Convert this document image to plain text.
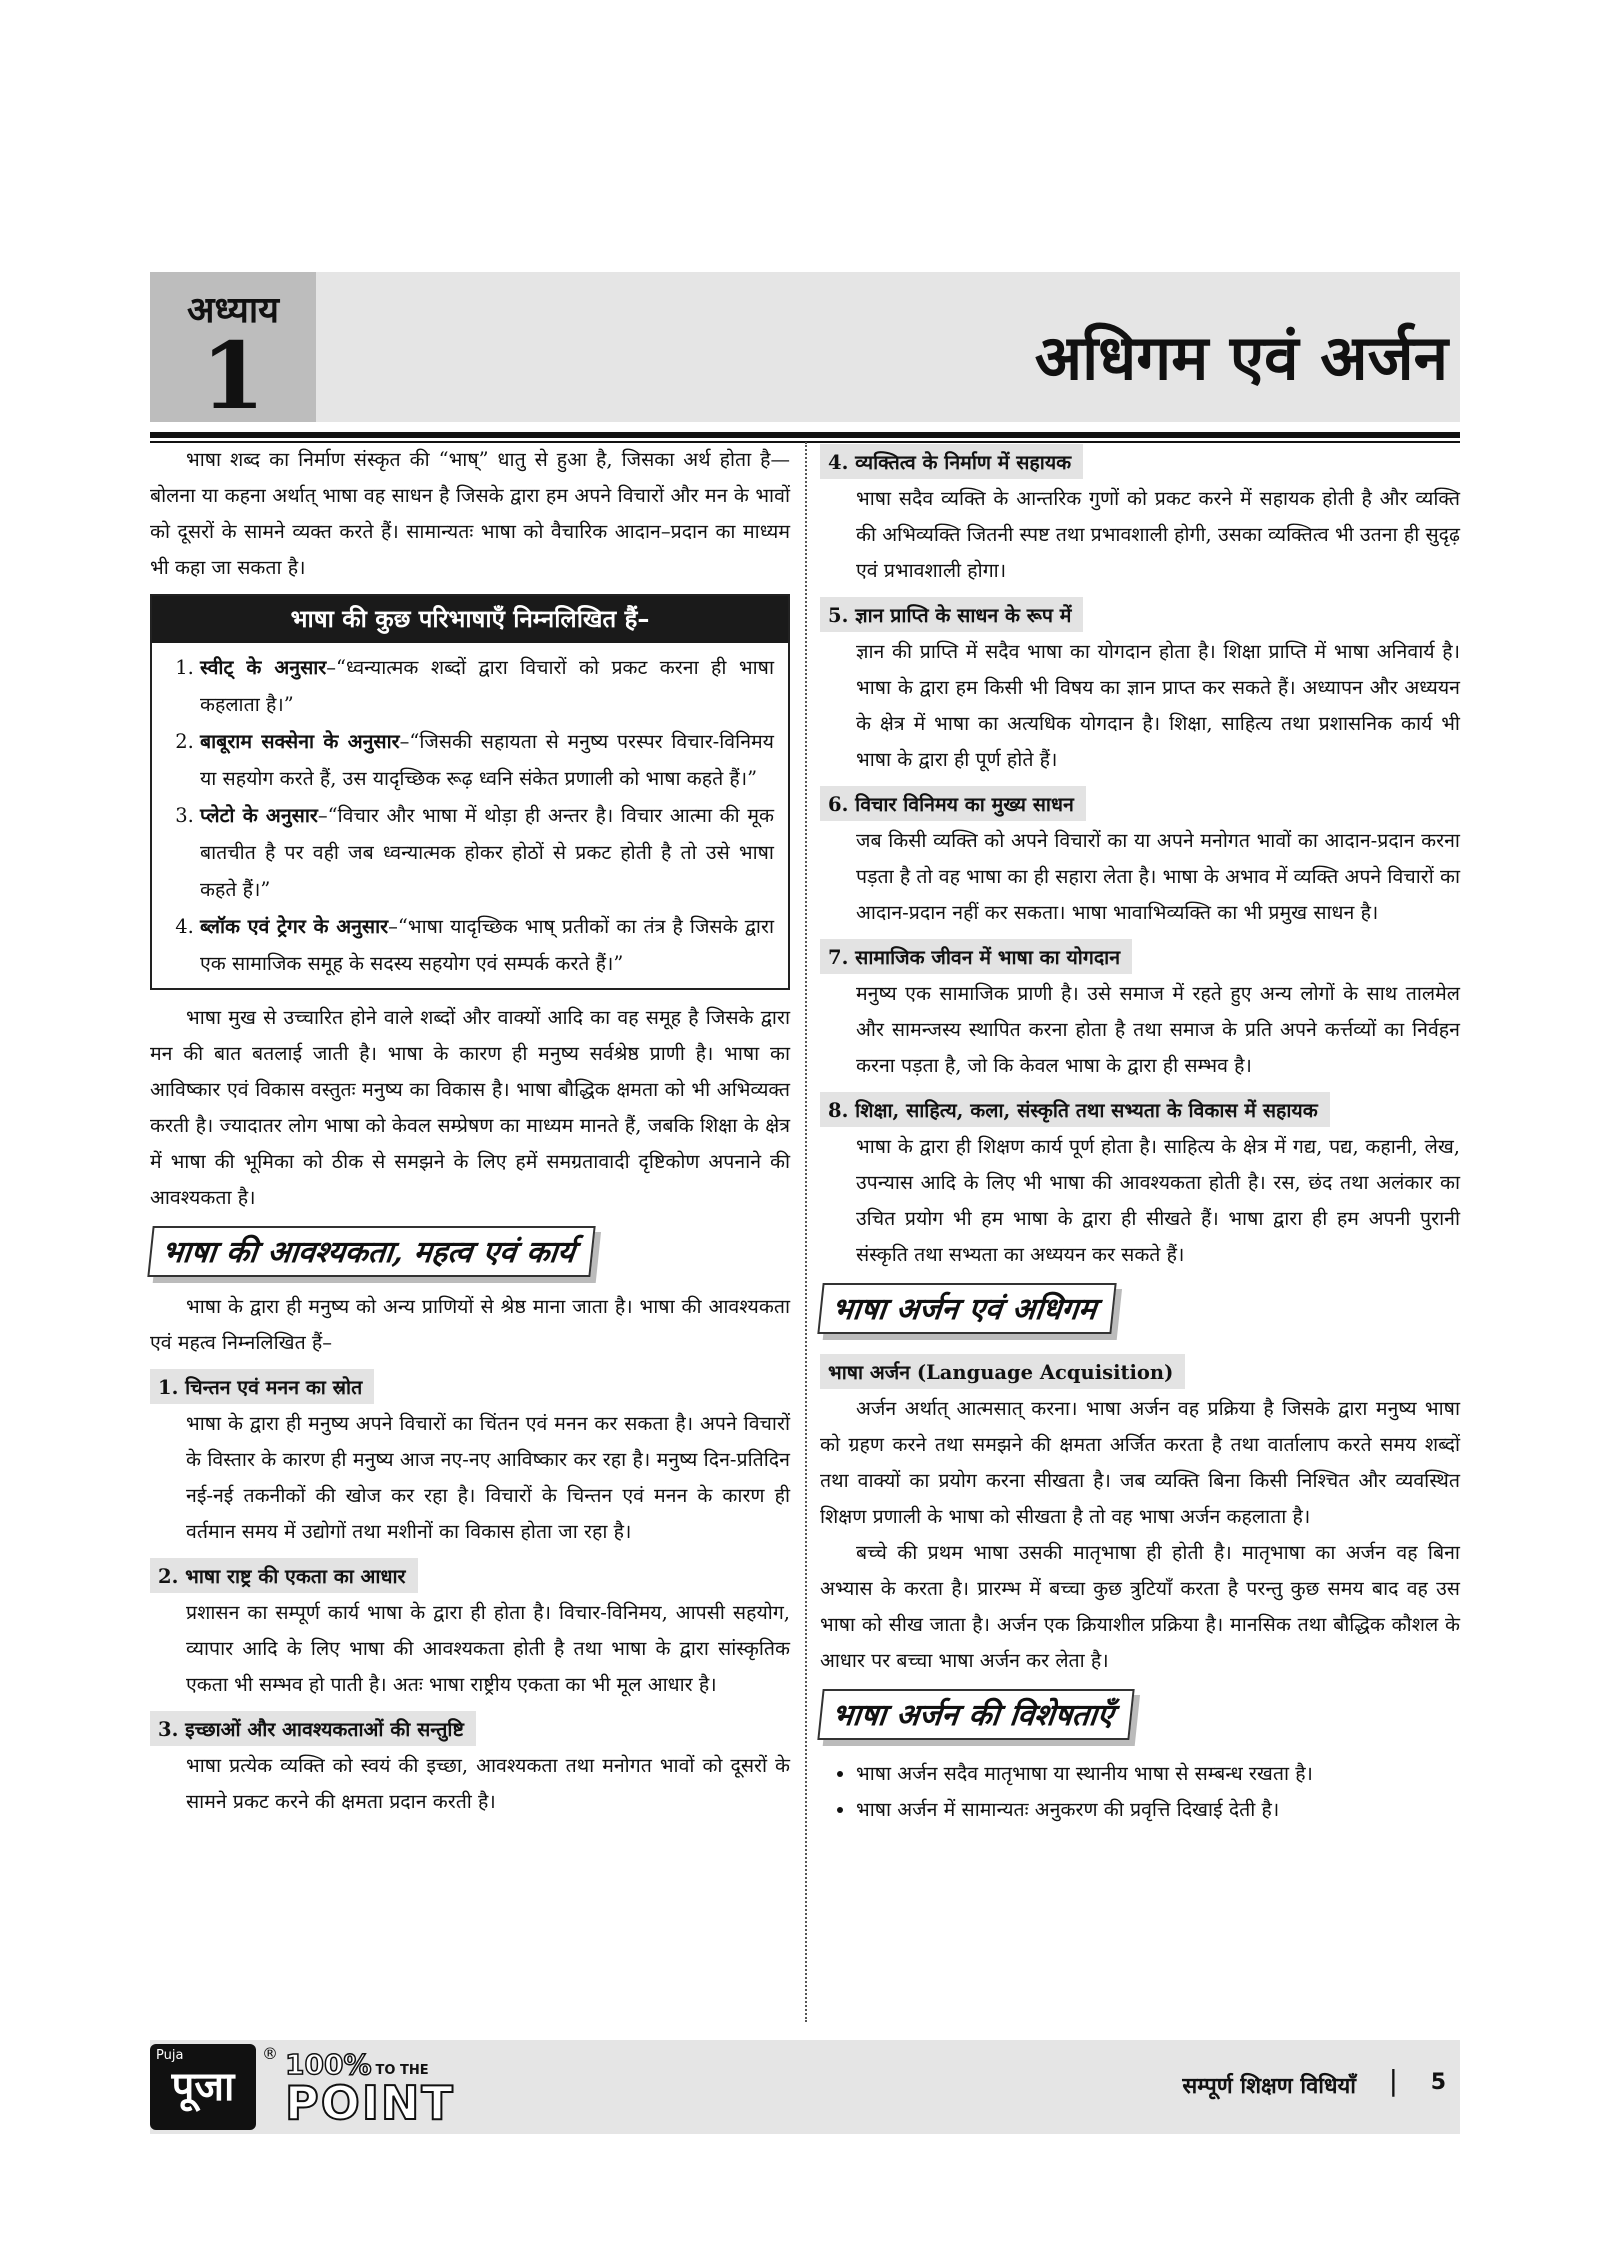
अध्याय
1	अधिगम एवं अर्जन

भाषा शब्द का निर्माण संस्कृत की “भाष्” धातु से हुआ है, जिसका अर्थ होता है—बोलना या कहना अर्थात् भाषा वह साधन है जिसके द्वारा हम अपने विचारों और मन के भावों को दूसरों के सामने व्यक्त करते हैं। सामान्यतः भाषा को वैचारिक आदान–प्रदान का माध्यम भी कहा जा सकता है।

भाषा की कुछ परिभाषाएँ निम्नलिखित हैं–
1. स्वीट् के अनुसार–“ध्वन्यात्मक शब्दों द्वारा विचारों को प्रकट करना ही भाषा कहलाता है।”
2. बाबूराम सक्सेना के अनुसार–“जिसकी सहायता से मनुष्य परस्पर विचार-विनिमय या सहयोग करते हैं, उस यादृच्छिक रूढ़ ध्वनि संकेत प्रणाली को भाषा कहते हैं।”
3. प्लेटो के अनुसार–“विचार और भाषा में थोड़ा ही अन्तर है। विचार आत्मा की मूक बातचीत है पर वही जब ध्वन्यात्मक होकर होठों से प्रकट होती है तो उसे भाषा कहते हैं।”
4. ब्लॉक एवं ट्रेगर के अनुसार–“भाषा यादृच्छिक भाष् प्रतीकों का तंत्र है जिसके द्वारा एक सामाजिक समूह के सदस्य सहयोग एवं सम्पर्क करते हैं।”

भाषा मुख से उच्चारित होने वाले शब्दों और वाक्यों आदि का वह समूह है जिसके द्वारा मन की बात बतलाई जाती है। भाषा के कारण ही मनुष्य सर्वश्रेष्ठ प्राणी है। भाषा का आविष्कार एवं विकास वस्तुतः मनुष्य का विकास है। भाषा बौद्धिक क्षमता को भी अभिव्यक्त करती है। ज्यादातर लोग भाषा को केवल सम्प्रेषण का माध्यम मानते हैं, जबकि शिक्षा के क्षेत्र में भाषा की भूमिका को ठीक से समझने के लिए हमें समग्रतावादी दृष्टिकोण अपनाने की आवश्यकता है।

भाषा की आवश्यकता, महत्व एवं कार्य

भाषा के द्वारा ही मनुष्य को अन्य प्राणियों से श्रेष्ठ माना जाता है। भाषा की आवश्यकता एवं महत्व निम्नलिखित हैं–

1. चिन्तन एवं मनन का स्रोत

भाषा के द्वारा ही मनुष्य अपने विचारों का चिंतन एवं मनन कर सकता है। अपने विचारों के विस्तार के कारण ही मनुष्य आज नए-नए आविष्कार कर रहा है। मनुष्य दिन-प्रतिदिन नई-नई तकनीकों की खोज कर रहा है। विचारों के चिन्तन एवं मनन के कारण ही वर्तमान समय में उद्योगों तथा मशीनों का विकास होता जा रहा है।

2. भाषा राष्ट्र की एकता का आधार

प्रशासन का सम्पूर्ण कार्य भाषा के द्वारा ही होता है। विचार-विनिमय, आपसी सहयोग, व्यापार आदि के लिए भाषा की आवश्यकता होती है तथा भाषा के द्वारा सांस्कृतिक एकता भी सम्भव हो पाती है। अतः भाषा राष्ट्रीय एकता का भी मूल आधार है।

3. इच्छाओं और आवश्यकताओं की सन्तुष्टि

भाषा प्रत्येक व्यक्ति को स्वयं की इच्छा, आवश्यकता तथा मनोगत भावों को दूसरों के सामने प्रकट करने की क्षमता प्रदान करती है।

4. व्यक्तित्व के निर्माण में सहायक

भाषा सदैव व्यक्ति के आन्तरिक गुणों को प्रकट करने में सहायक होती है और व्यक्ति की अभिव्यक्ति जितनी स्पष्ट तथा प्रभावशाली होगी, उसका व्यक्तित्व भी उतना ही सुदृढ़ एवं प्रभावशाली होगा।

5. ज्ञान प्राप्ति के साधन के रूप में

ज्ञान की प्राप्ति में सदैव भाषा का योगदान होता है। शिक्षा प्राप्ति में भाषा अनिवार्य है। भाषा के द्वारा हम किसी भी विषय का ज्ञान प्राप्त कर सकते हैं। अध्यापन और अध्ययन के क्षेत्र में भाषा का अत्यधिक योगदान है। शिक्षा, साहित्य तथा प्रशासनिक कार्य भी भाषा के द्वारा ही पूर्ण होते हैं।

6. विचार विनिमय का मुख्य साधन

जब किसी व्यक्ति को अपने विचारों का या अपने मनोगत भावों का आदान-प्रदान करना पड़ता है तो वह भाषा का ही सहारा लेता है। भाषा के अभाव में व्यक्ति अपने विचारों का आदान-प्रदान नहीं कर सकता। भाषा भावाभिव्यक्ति का भी प्रमुख साधन है।

7. सामाजिक जीवन में भाषा का योगदान

मनुष्य एक सामाजिक प्राणी है। उसे समाज में रहते हुए अन्य लोगों के साथ तालमेल और सामन्जस्य स्थापित करना होता है तथा समाज के प्रति अपने कर्त्तव्यों का निर्वहन करना पड़ता है, जो कि केवल भाषा के द्वारा ही सम्भव है।

8. शिक्षा, साहित्य, कला, संस्कृति तथा सभ्यता के विकास में सहायक

भाषा के द्वारा ही शिक्षण कार्य पूर्ण होता है। साहित्य के क्षेत्र में गद्य, पद्य, कहानी, लेख, उपन्यास आदि के लिए भी भाषा की आवश्यकता होती है। रस, छंद तथा अलंकार का उचित प्रयोग भी हम भाषा के द्वारा ही सीखते हैं। भाषा द्वारा ही हम अपनी पुरानी संस्कृति तथा सभ्यता का अध्ययन कर सकते हैं।

भाषा अर्जन एवं अधिगम
भाषा अर्जन (Language Acquisition)

अर्जन अर्थात् आत्मसात् करना। भाषा अर्जन वह प्रक्रिया है जिसके द्वारा मनुष्य भाषा को ग्रहण करने तथा समझने की क्षमता अर्जित करता है तथा वार्तालाप करते समय शब्दों तथा वाक्यों का प्रयोग करना सीखता है। जब व्यक्ति बिना किसी निश्चित और व्यवस्थित शिक्षण प्रणाली के भाषा को सीखता है तो वह भाषा अर्जन कहलाता है।

बच्चे की प्रथम भाषा उसकी मातृभाषा ही होती है। मातृभाषा का अर्जन वह बिना अभ्यास के करता है। प्रारम्भ में बच्चा कुछ त्रुटियाँ करता है परन्तु कुछ समय बाद वह उस भाषा को सीख जाता है। अर्जन एक क्रियाशील प्रक्रिया है। मानसिक तथा बौद्धिक कौशल के आधार पर बच्चा भाषा अर्जन कर लेता है।

भाषा अर्जन की विशेषताएँ
• भाषा अर्जन सदैव मातृभाषा या स्थानीय भाषा से सम्बन्ध रखता है।
• भाषा अर्जन में सामान्यतः अनुकरण की प्रवृत्ति दिखाई देती है।
Puja
पूजा
® 100% TO THE
POINT	सम्पूर्ण शिक्षण विधियाँ | 5
